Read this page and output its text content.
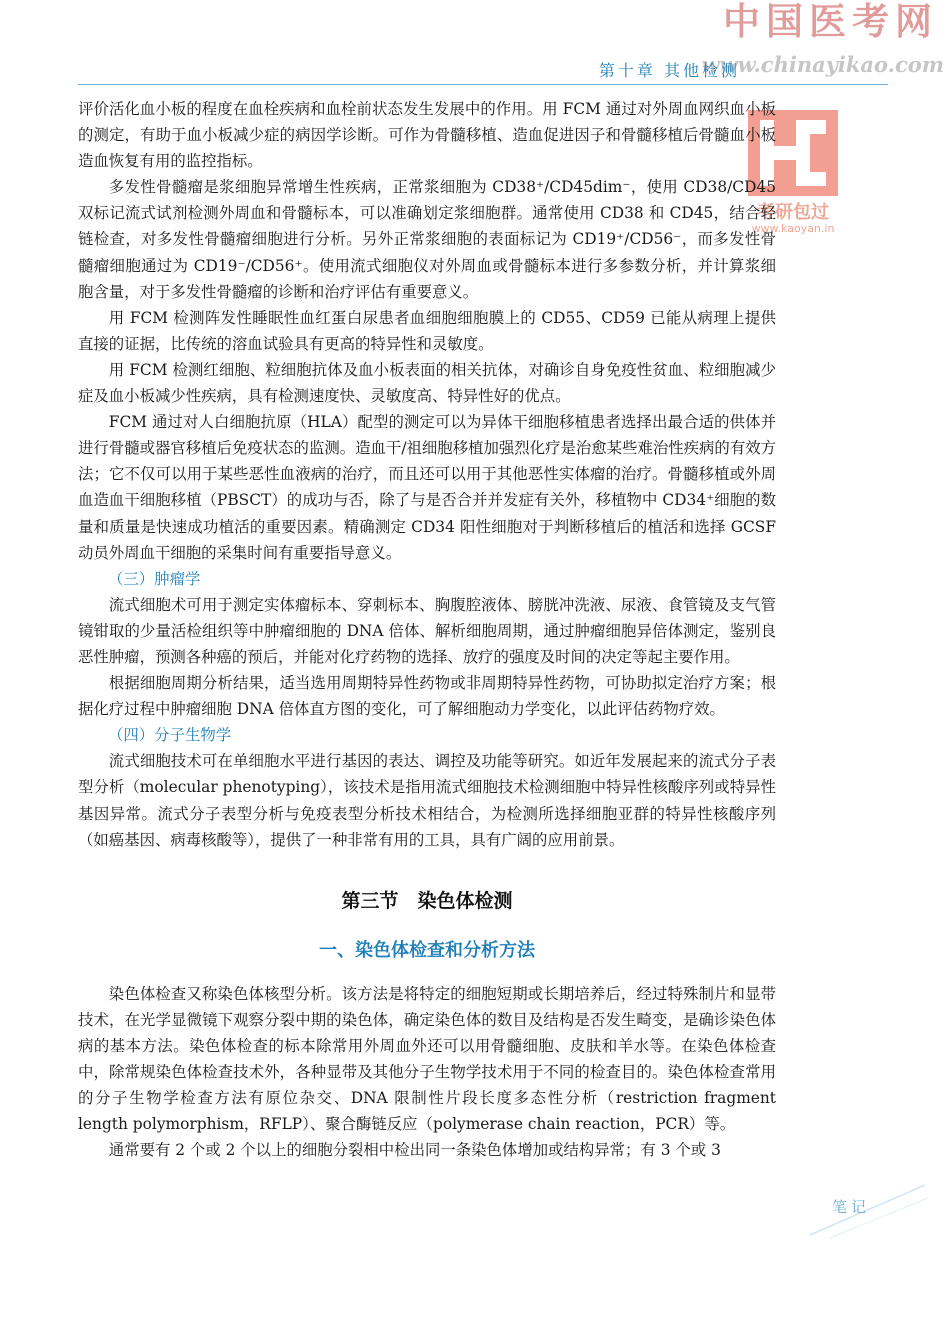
中国医考网
www.chinayikao.com
第十章 其他检测
考研包过
www.kaoyan.in

评价活化血小板的程度在血栓疾病和血栓前状态发生发展中的作用。用 FCM 通过对外周血网织血小板的测定，有助于血小板减少症的病因学诊断。可作为骨髓移植、造血促进因子和骨髓移植后骨髓血小板造血恢复有用的监控指标。

多发性骨髓瘤是浆细胞异常增生性疾病，正常浆细胞为 CD38⁺/CD45dim⁻，使用 CD38/CD45 双标记流式试剂检测外周血和骨髓标本，可以准确划定浆细胞群。通常使用 CD38 和 CD45，结合轻链检查，对多发性骨髓瘤细胞进行分析。另外正常浆细胞的表面标记为 CD19⁺/CD56⁻，而多发性骨髓瘤细胞通过为 CD19⁻/CD56⁺。使用流式细胞仪对外周血或骨髓标本进行多参数分析，并计算浆细胞含量，对于多发性骨髓瘤的诊断和治疗评估有重要意义。

用 FCM 检测阵发性睡眠性血红蛋白尿患者血细胞细胞膜上的 CD55、CD59 已能从病理上提供直接的证据，比传统的溶血试验具有更高的特异性和灵敏度。

用 FCM 检测红细胞、粒细胞抗体及血小板表面的相关抗体，对确诊自身免疫性贫血、粒细胞减少症及血小板减少性疾病，具有检测速度快、灵敏度高、特异性好的优点。

FCM 通过对人白细胞抗原（HLA）配型的测定可以为异体干细胞移植患者选择出最合适的供体并进行骨髓或器官移植后免疫状态的监测。造血干/祖细胞移植加强烈化疗是治愈某些难治性疾病的有效方法；它不仅可以用于某些恶性血液病的治疗，而且还可以用于其他恶性实体瘤的治疗。骨髓移植或外周血造血干细胞移植（PBSCT）的成功与否，除了与是否合并并发症有关外，移植物中 CD34⁺细胞的数量和质量是快速成功植活的重要因素。精确测定 CD34 阳性细胞对于判断移植后的植活和选择 GCSF 动员外周血干细胞的采集时间有重要指导意义。

（三）肿瘤学

流式细胞术可用于测定实体瘤标本、穿刺标本、胸腹腔液体、膀胱冲洗液、尿液、食管镜及支气管镜钳取的少量活检组织等中肿瘤细胞的 DNA 倍体、解析细胞周期，通过肿瘤细胞异倍体测定，鉴别良恶性肿瘤，预测各种癌的预后，并能对化疗药物的选择、放疗的强度及时间的决定等起主要作用。

根据细胞周期分析结果，适当选用周期特异性药物或非周期特异性药物，可协助拟定治疗方案；根据化疗过程中肿瘤细胞 DNA 倍体直方图的变化，可了解细胞动力学变化，以此评估药物疗效。

（四）分子生物学

流式细胞技术可在单细胞水平进行基因的表达、调控及功能等研究。如近年发展起来的流式分子表型分析（molecular phenotyping），该技术是指用流式细胞技术检测细胞中特异性核酸序列或特异性基因异常。流式分子表型分析与免疫表型分析技术相结合，为检测所选择细胞亚群的特异性核酸序列（如癌基因、病毒核酸等），提供了一种非常有用的工具，具有广阔的应用前景。

第三节　染色体检测
一、染色体检查和分析方法

染色体检查又称染色体核型分析。该方法是将特定的细胞短期或长期培养后，经过特殊制片和显带技术，在光学显微镜下观察分裂中期的染色体，确定染色体的数目及结构是否发生畸变，是确诊染色体病的基本方法。染色体检查的标本除常用外周血外还可以用骨髓细胞、皮肤和羊水等。在染色体检查中，除常规染色体检查技术外，各种显带及其他分子生物学技术用于不同的检查目的。染色体检查常用的分子生物学检查方法有原位杂交、DNA 限制性片段长度多态性分析（restriction fragment length polymorphism，RFLP）、聚合酶链反应（polymerase chain reaction，PCR）等。

通常要有 2 个或 2 个以上的细胞分裂相中检出同一条染色体增加或结构异常；有 3 个或 3

笔记
